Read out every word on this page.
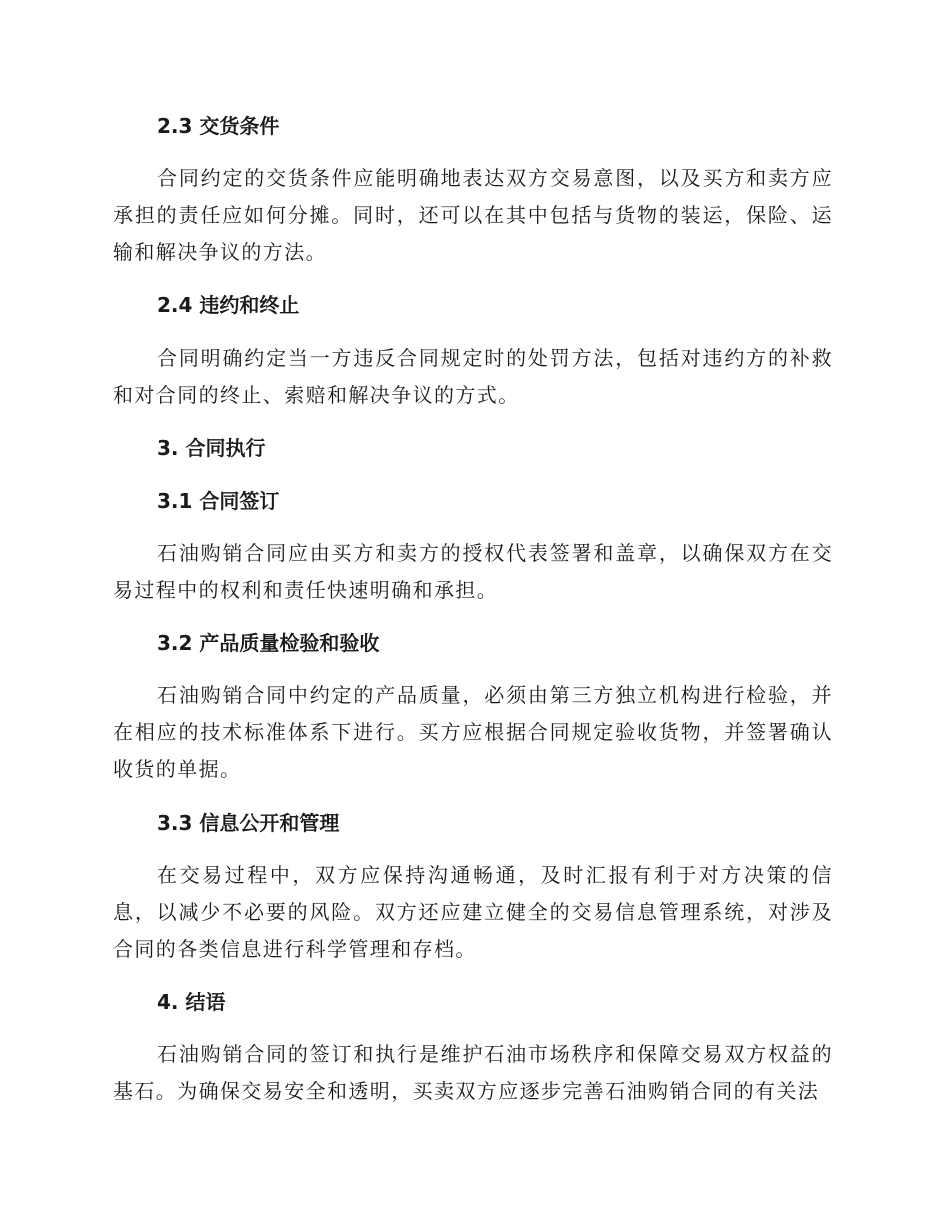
2.3 交货条件
合同约定的交货条件应能明确地表达双方交易意图，以及买方和卖方应承担的责任应如何分摊。同时，还可以在其中包括与货物的装运，保险、运输和解决争议的方法。
2.4 违约和终止
合同明确约定当一方违反合同规定时的处罚方法，包括对违约方的补救和对合同的终止、索赔和解决争议的方式。
3. 合同执行
3.1 合同签订
石油购销合同应由买方和卖方的授权代表签署和盖章，以确保双方在交易过程中的权利和责任快速明确和承担。
3.2 产品质量检验和验收
石油购销合同中约定的产品质量，必须由第三方独立机构进行检验，并在相应的技术标准体系下进行。买方应根据合同规定验收货物，并签署确认收货的单据。
3.3 信息公开和管理
在交易过程中，双方应保持沟通畅通，及时汇报有利于对方决策的信息，以减少不必要的风险。双方还应建立健全的交易信息管理系统，对涉及合同的各类信息进行科学管理和存档。
4. 结语
石油购销合同的签订和执行是维护石油市场秩序和保障交易双方权益的基石。为确保交易安全和透明，买卖双方应逐步完善石油购销合同的有关法
